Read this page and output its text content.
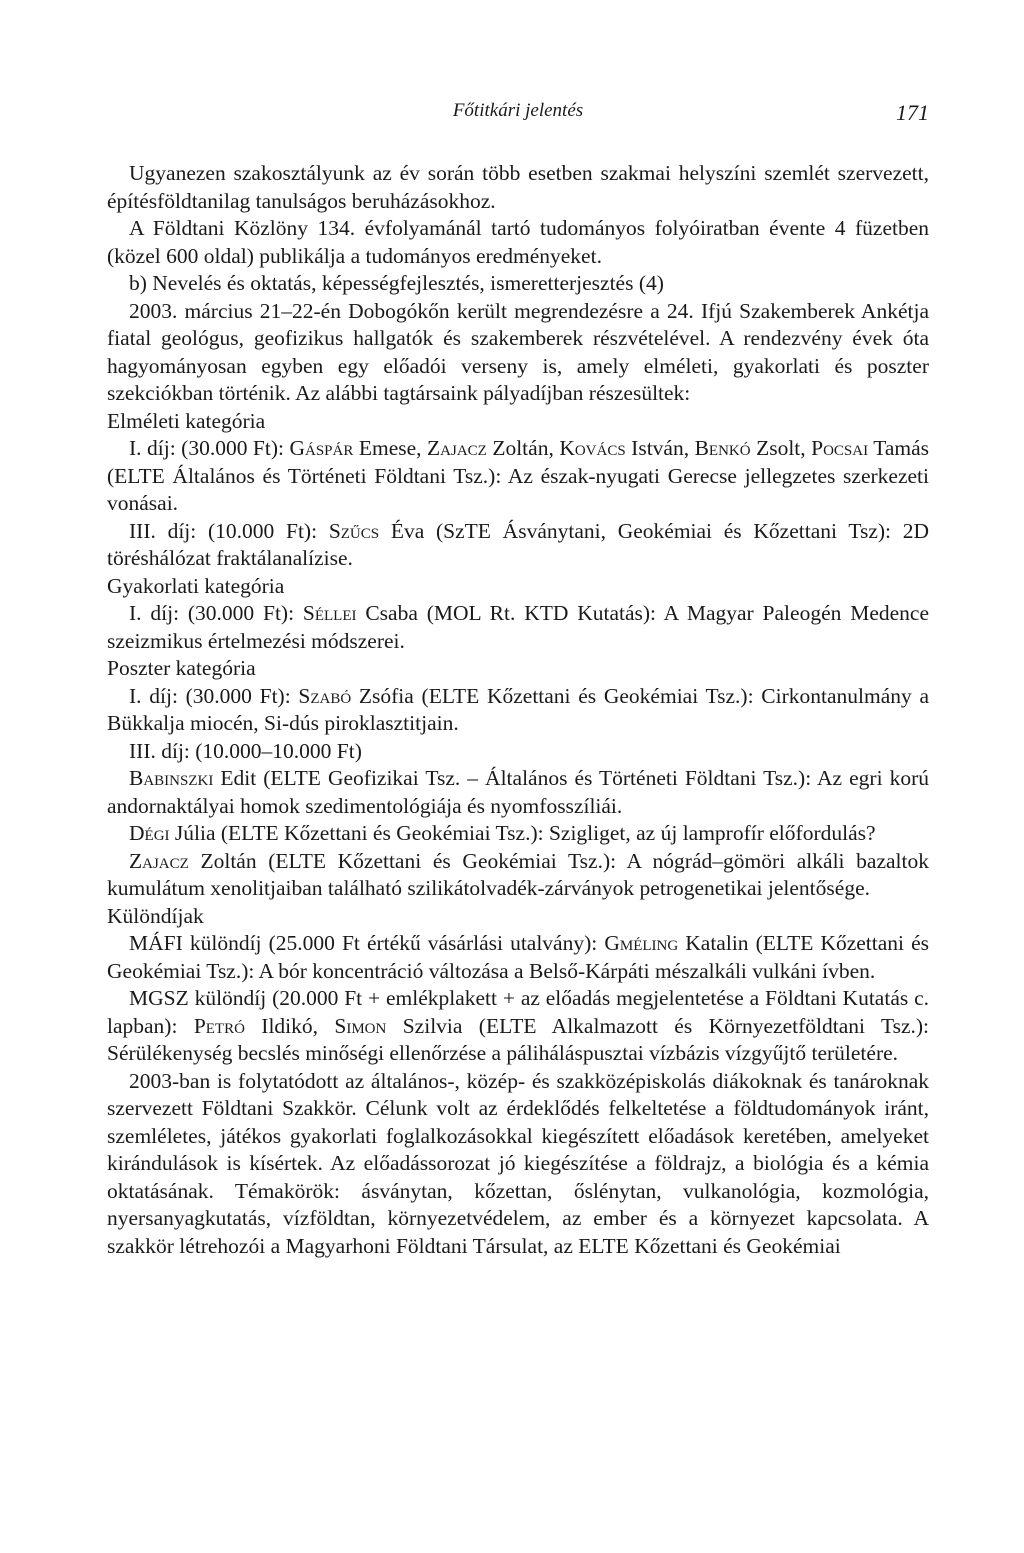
Főtitkári jelentés	171

Ugyanezen szakosztályunk az év során több esetben szakmai helyszíni szemlét szervezett, építésföldtanilag tanulságos beruházásokhoz.

A Földtani Közlöny 134. évfolyamánál tartó tudományos folyóiratban évente 4 füzetben (közel 600 oldal) publikálja a tudományos eredményeket.

b) Nevelés és oktatás, képességfejlesztés, ismeretterjesztés (4)

2003. március 21–22-én Dobogókőn került megrendezésre a 24. Ifjú Szakemberek Ankétja fiatal geológus, geofizikus hallgatók és szakemberek részvételével. A rendezvény évek óta hagyományosan egyben egy előadói verseny is, amely elméleti, gyakorlati és poszter szekciókban történik. Az alábbi tagtársaink pályadíjban részesültek:

Elméleti kategória

I. díj: (30.000 Ft): Gáspár Emese, Zajacz Zoltán, Kovács István, Benkó Zsolt, Pocsai Tamás (ELTE Általános és Történeti Földtani Tsz.): Az észak-nyugati Gerecse jellegzetes szerkezeti vonásai.

III. díj: (10.000 Ft): Szűcs Éva (SzTE Ásványtani, Geokémiai és Kőzettani Tsz): 2D töréshálózat fraktálanalízise.

Gyakorlati kategória

I. díj: (30.000 Ft): Séllei Csaba (MOL Rt. KTD Kutatás): A Magyar Paleogén Medence szeizmikus értelmezési módszerei.

Poszter kategória

I. díj: (30.000 Ft): Szabó Zsófia (ELTE Kőzettani és Geokémiai Tsz.): Cirkontanulmány a Bükkalja miocén, Si-dús piroklasztitjain.

III. díj: (10.000–10.000 Ft)

Babinszki Edit (ELTE Geofizikai Tsz. – Általános és Történeti Földtani Tsz.): Az egri korú andornaktályai homok szedimentológiája és nyomfosszíliái.

Dégi Júlia (ELTE Kőzettani és Geokémiai Tsz.): Szigliget, az új lamprofír előfordulás?

Zajacz Zoltán (ELTE Kőzettani és Geokémiai Tsz.): A nógrád–gömöri alkáli bazaltok kumulátum xenolitjaiban található szilikátolvadék-zárványok petrogenetikai jelentősége.

Különdíjak

MÁFI különdíj (25.000 Ft értékű vásárlási utalvány): Gméling Katalin (ELTE Kőzettani és Geokémiai Tsz.): A bór koncentráció változása a Belső-Kárpáti mészalkáli vulkáni ívben.

MGSZ különdíj (20.000 Ft + emlékplakett + az előadás megjelentetése a Földtani Kutatás c. lapban): Petró Ildikó, Simon Szilvia (ELTE Alkalmazott és Környezetföldtani Tsz.): Sérülékenység becslés minőségi ellenőrzése a páliháláspusztai vízbázis vízgyűjtő területére.

2003-ban is folytatódott az általános-, közép- és szakközépiskolás diákoknak és tanároknak szervezett Földtani Szakkör. Célunk volt az érdeklődés felkeltetése a földtudományok iránt, szemléletes, játékos gyakorlati foglalkozásokkal kiegészített előadások keretében, amelyeket kirándulások is kísértek. Az előadássorozat jó kiegészítése a földrajz, a biológia és a kémia oktatásának. Témakörök: ásványtan, kőzettan, őslénytan, vulkanológia, kozmológia, nyersanyagkutatás, vízföldtan, környezetvédelem, az ember és a környezet kapcsolata. A szakkör létrehozói a Magyarhoni Földtani Társulat, az ELTE Kőzettani és Geokémiai
